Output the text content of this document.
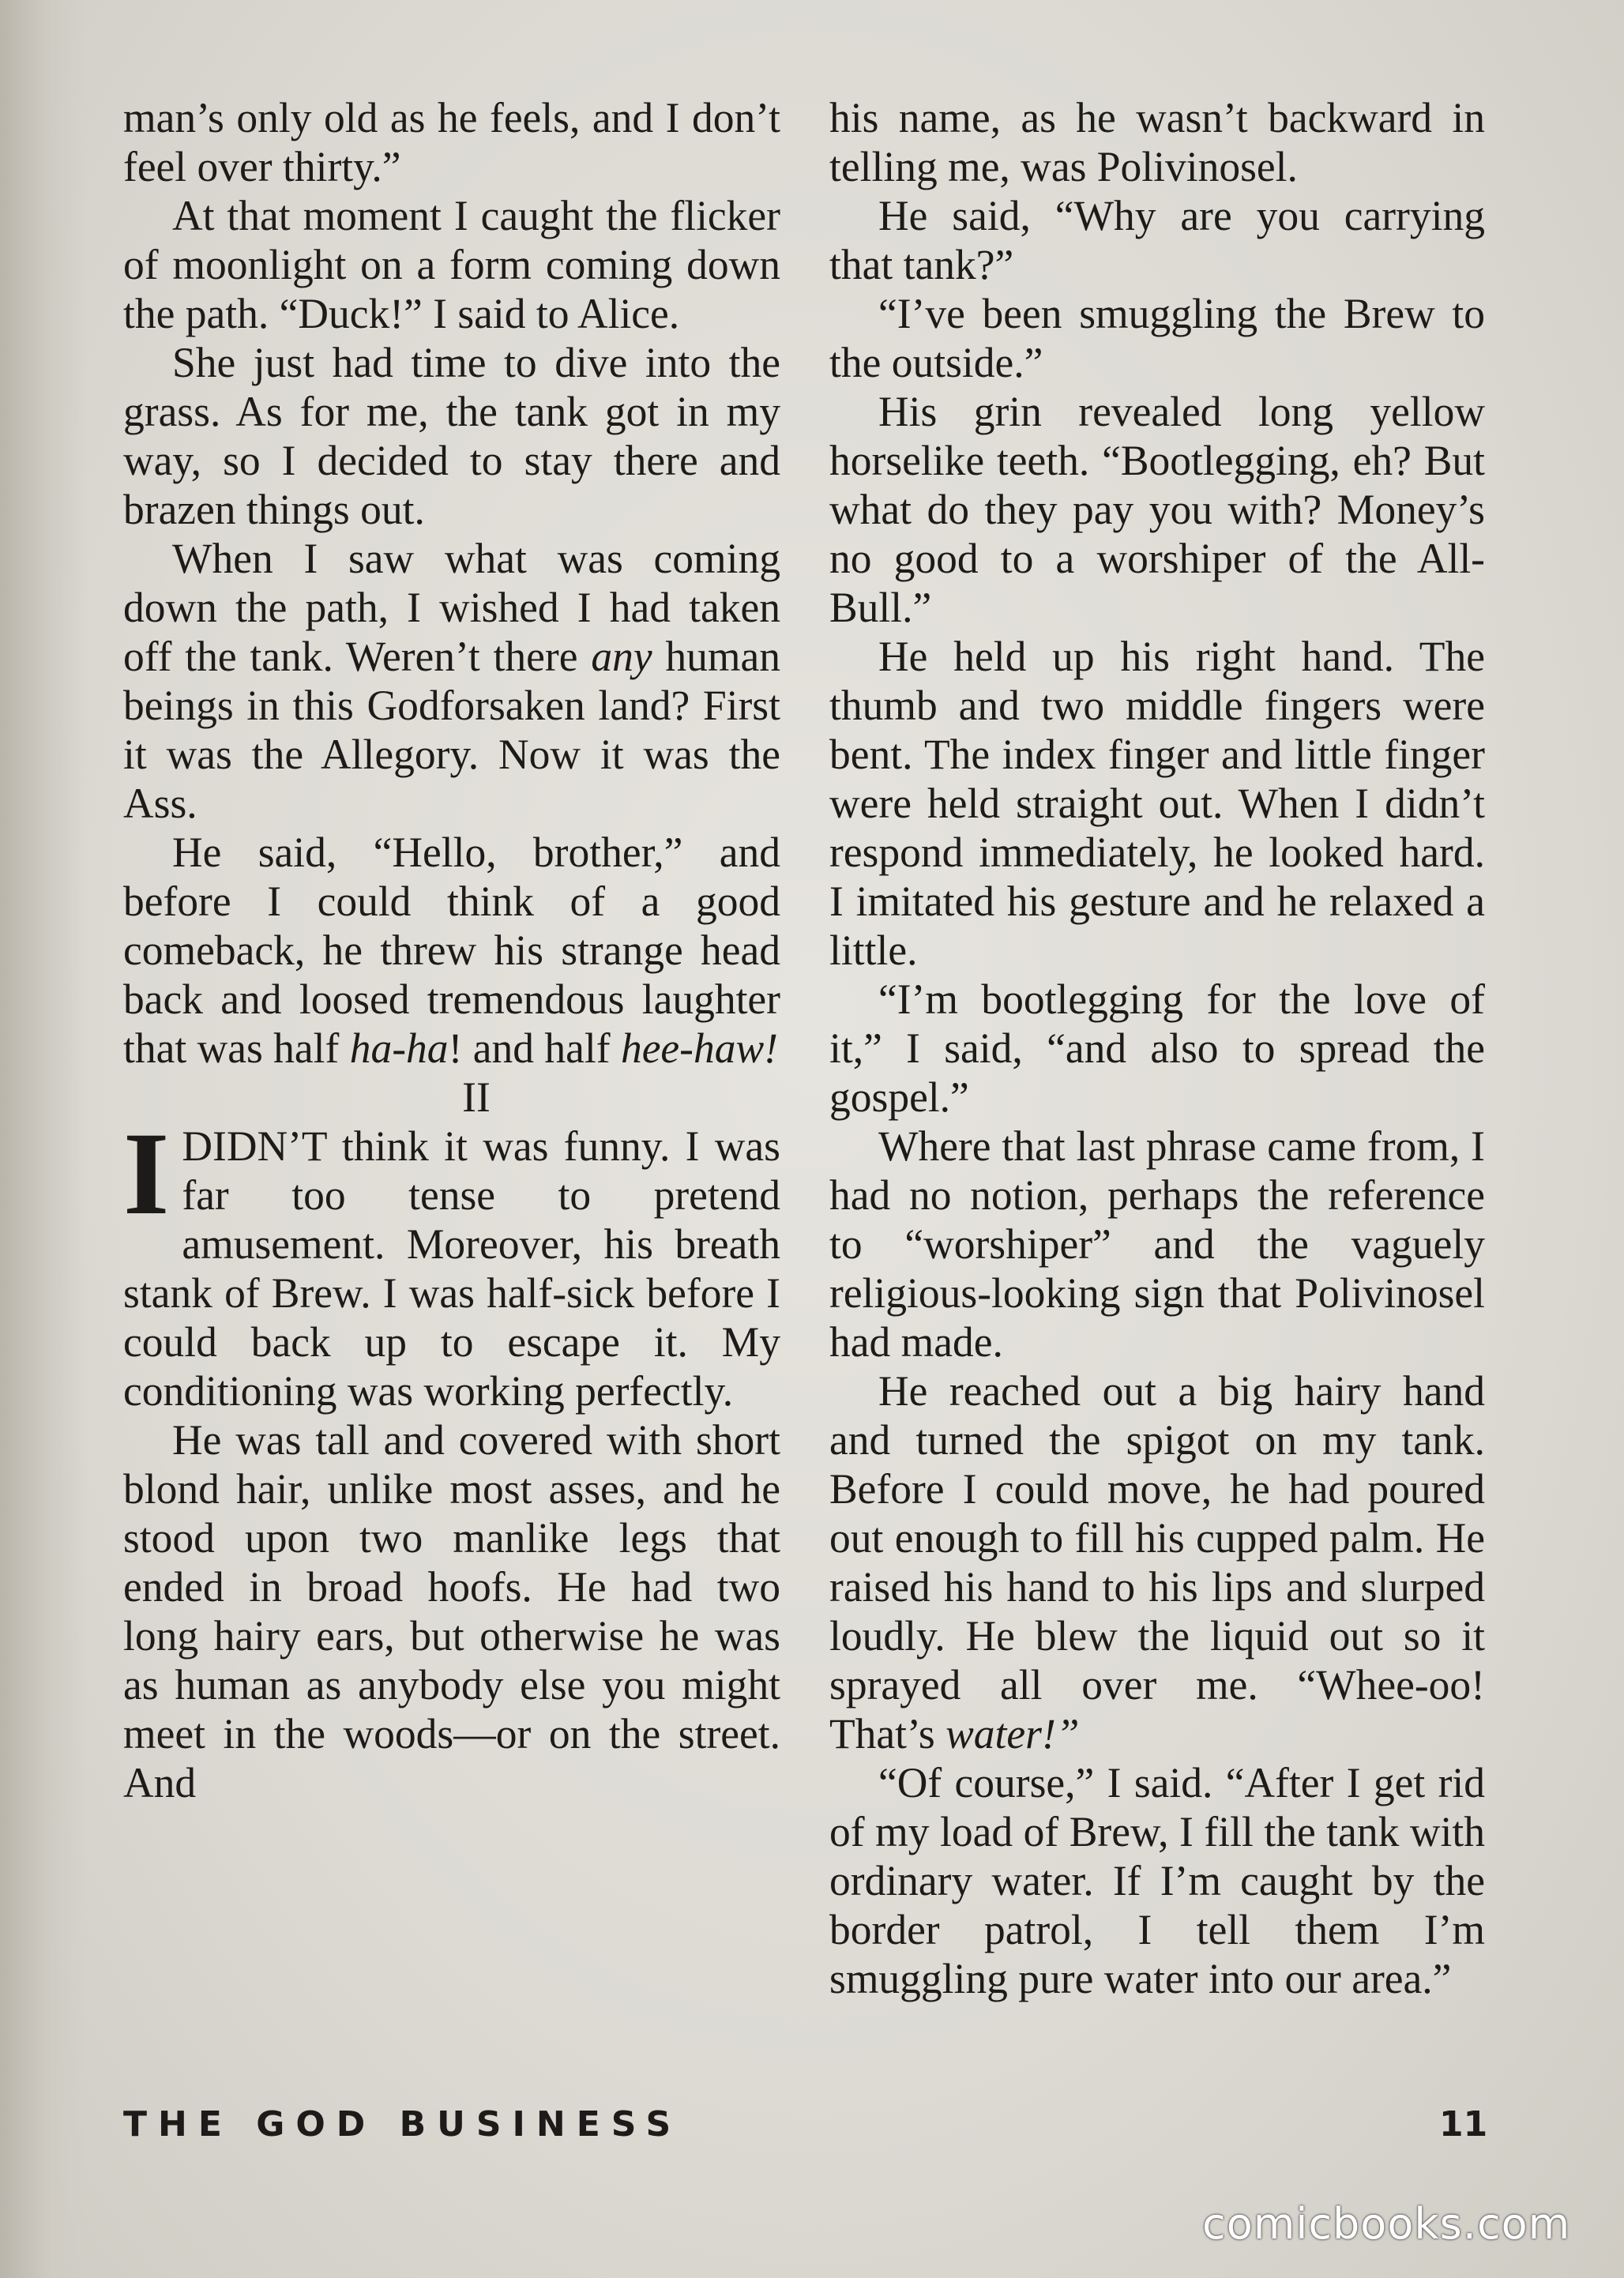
man’s only old as he feels, and I don’t feel over thirty.”

At that moment I caught the flicker of moonlight on a form coming down the path. “Duck!” I said to Alice.

She just had time to dive into the grass. As for me, the tank got in my way, so I decided to stay there and brazen things out.

When I saw what was coming down the path, I wished I had taken off the tank. Weren’t there any human beings in this Godforsaken land? First it was the Allegory. Now it was the Ass.

He said, “Hello, brother,” and before I could think of a good comeback, he threw his strange head back and loosed tremendous laughter that was half ha-ha! and half hee-haw!

II

I DIDN’T think it was funny. I was far too tense to pretend amusement. Moreover, his breath stank of Brew. I was half-sick before I could back up to escape it. My conditioning was working perfectly.

He was tall and covered with short blond hair, unlike most asses, and he stood upon two manlike legs that ended in broad hoofs. He had two long hairy ears, but otherwise he was as human as anybody else you might meet in the woods—or on the street. And

his name, as he wasn’t backward in telling me, was Polivinosel.

He said, “Why are you carrying that tank?”

“I’ve been smuggling the Brew to the outside.”

His grin revealed long yellow horselike teeth. “Bootlegging, eh? But what do they pay you with? Money’s no good to a worshiper of the All-Bull.”

He held up his right hand. The thumb and two middle fingers were bent. The index finger and little finger were held straight out. When I didn’t respond immediately, he looked hard. I imitated his gesture and he relaxed a little.

“I’m bootlegging for the love of it,” I said, “and also to spread the gospel.”

Where that last phrase came from, I had no notion, perhaps the reference to “worshiper” and the vaguely religious-looking sign that Polivinosel had made.

He reached out a big hairy hand and turned the spigot on my tank. Before I could move, he had poured out enough to fill his cupped palm. He raised his hand to his lips and slurped loudly. He blew the liquid out so it sprayed all over me. “Whee-oo! That’s water!”

“Of course,” I said. “After I get rid of my load of Brew, I fill the tank with ordinary water. If I’m caught by the border patrol, I tell them I’m smuggling pure water into our area.”

THE GOD BUSINESS	11
comicbooks.com
